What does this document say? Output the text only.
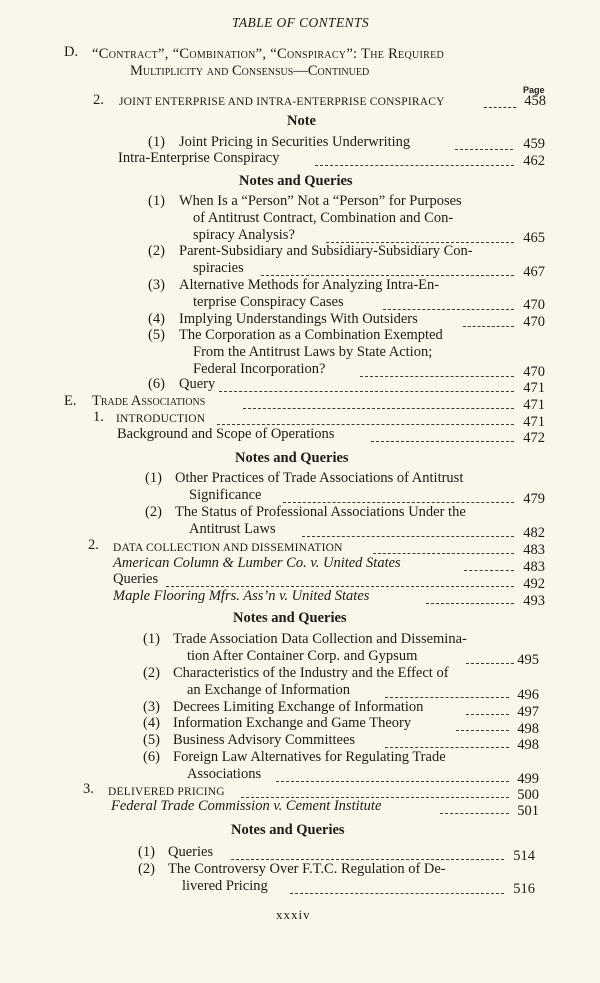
TABLE OF CONTENTS
D. “Contract”, “Combination”, “Conspiracy”: The Required
Multiplicity and Consensus—Continued
Page
2. JOINT ENTERPRISE AND INTRA-ENTERPRISE CONSPIRACY	458
Note
(1) Joint Pricing in Securities Underwriting	459
Intra-Enterprise Conspiracy	462
Notes and Queries
(1) When Is a “Person” Not a “Person” for Purposes
of Antitrust Contract, Combination and Con-
spiracy Analysis?	465
(2) Parent-Subsidiary and Subsidiary-Subsidiary Con-
spiracies	467
(3) Alternative Methods for Analyzing Intra-En-
terprise Conspiracy Cases	470
(4) Implying Understandings With Outsiders	470
(5) The Corporation as a Combination Exempted
From the Antitrust Laws by State Action;
Federal Incorporation?	470
(6) Query	471
E. Trade Associations	471
1. INTRODUCTION	471
Background and Scope of Operations	472
Notes and Queries
(1) Other Practices of Trade Associations of Antitrust
Significance	479
(2) The Status of Professional Associations Under the
Antitrust Laws	482
2. DATA COLLECTION AND DISSEMINATION	483
American Column & Lumber Co. v. United States	483
Queries	492
Maple Flooring Mfrs. Ass’n v. United States	493
Notes and Queries
(1) Trade Association Data Collection and Dissemina-
tion After Container Corp. and Gypsum	495
(2) Characteristics of the Industry and the Effect of
an Exchange of Information	496
(3) Decrees Limiting Exchange of Information	497
(4) Information Exchange and Game Theory	498
(5) Business Advisory Committees	498
(6) Foreign Law Alternatives for Regulating Trade
Associations	499
3. DELIVERED PRICING	500
Federal Trade Commission v. Cement Institute	501
Notes and Queries
(1) Queries	514
(2) The Controversy Over F.T.C. Regulation of De-
livered Pricing	516
xxxiv
